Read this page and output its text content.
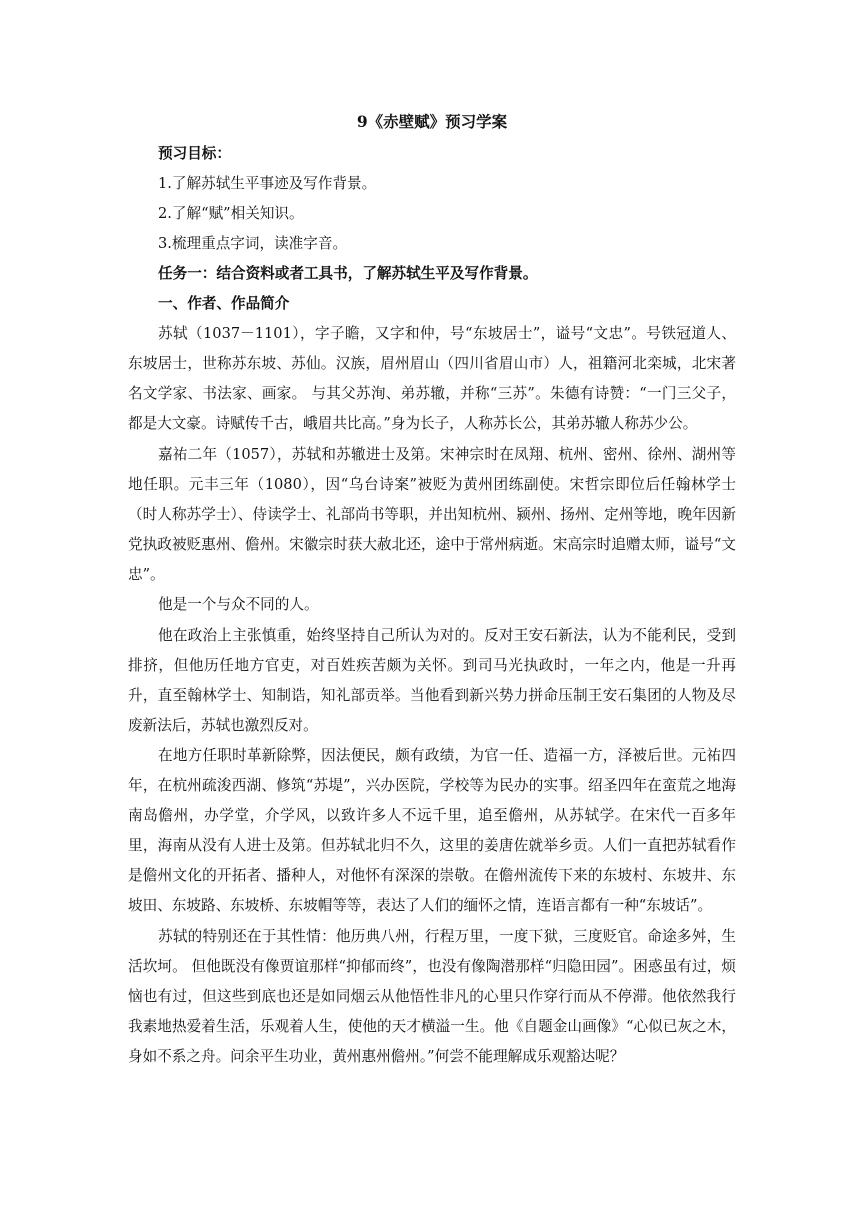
9《赤壁赋》预习学案

预习目标：

1.了解苏轼生平事迹及写作背景。

2.了解“赋”相关知识。

3.梳理重点字词，读准字音。

任务一：结合资料或者工具书，了解苏轼生平及写作背景。

一、作者、作品简介

苏轼（1037－1101），字子瞻，又字和仲，号“东坡居士”，谥号“文忠”。号铁冠道人、东坡居士，世称苏东坡、苏仙。汉族，眉州眉山（四川省眉山市）人，祖籍河北栾城，北宋著名文学家、书法家、画家。 与其父苏洵、弟苏辙，并称“三苏”。朱德有诗赞：“一门三父子，都是大文豪。诗赋传千古，峨眉共比高。”身为长子，人称苏长公，其弟苏辙人称苏少公。

嘉祐二年（1057），苏轼和苏辙进士及第。宋神宗时在凤翔、杭州、密州、徐州、湖州等地任职。元丰三年（1080），因“乌台诗案”被贬为黄州团练副使。宋哲宗即位后任翰林学士（时人称苏学士）、侍读学士、礼部尚书等职，并出知杭州、颍州、扬州、定州等地，晚年因新党执政被贬惠州、儋州。宋徽宗时获大赦北还，途中于常州病逝。宋高宗时追赠太师，谥号“文忠”。

他是一个与众不同的人。

他在政治上主张慎重，始终坚持自己所认为对的。反对王安石新法，认为不能利民，受到排挤，但他历任地方官吏，对百姓疾苦颇为关怀。到司马光执政时，一年之内，他是一升再升，直至翰林学士、知制诰，知礼部贡举。当他看到新兴势力拼命压制王安石集团的人物及尽废新法后，苏轼也激烈反对。

在地方任职时革新除弊，因法便民，颇有政绩，为官一任、造福一方，泽被后世。元祐四年，在杭州疏浚西湖、修筑“苏堤”，兴办医院，学校等为民办的实事。绍圣四年在蛮荒之地海南岛儋州，办学堂，介学风，以致许多人不远千里，追至儋州，从苏轼学。在宋代一百多年里，海南从没有人进士及第。但苏轼北归不久，这里的姜唐佐就举乡贡。人们一直把苏轼看作是儋州文化的开拓者、播种人，对他怀有深深的崇敬。在儋州流传下来的东坡村、东坡井、东坡田、东坡路、东坡桥、东坡帽等等，表达了人们的缅怀之情，连语言都有一种“东坡话”。

苏轼的特别还在于其性情：他历典八州，行程万里，一度下狱，三度贬官。命途多舛，生活坎坷。 但他既没有像贾谊那样“抑郁而终”，也没有像陶潜那样“归隐田园”。困惑虽有过，烦恼也有过，但这些到底也还是如同烟云从他悟性非凡的心里只作穿行而从不停滞。他依然我行我素地热爱着生活，乐观着人生，使他的天才横溢一生。他《自题金山画像》“心似已灰之木，身如不系之舟。问余平生功业，黄州惠州儋州。”何尝不能理解成乐观豁达呢？
